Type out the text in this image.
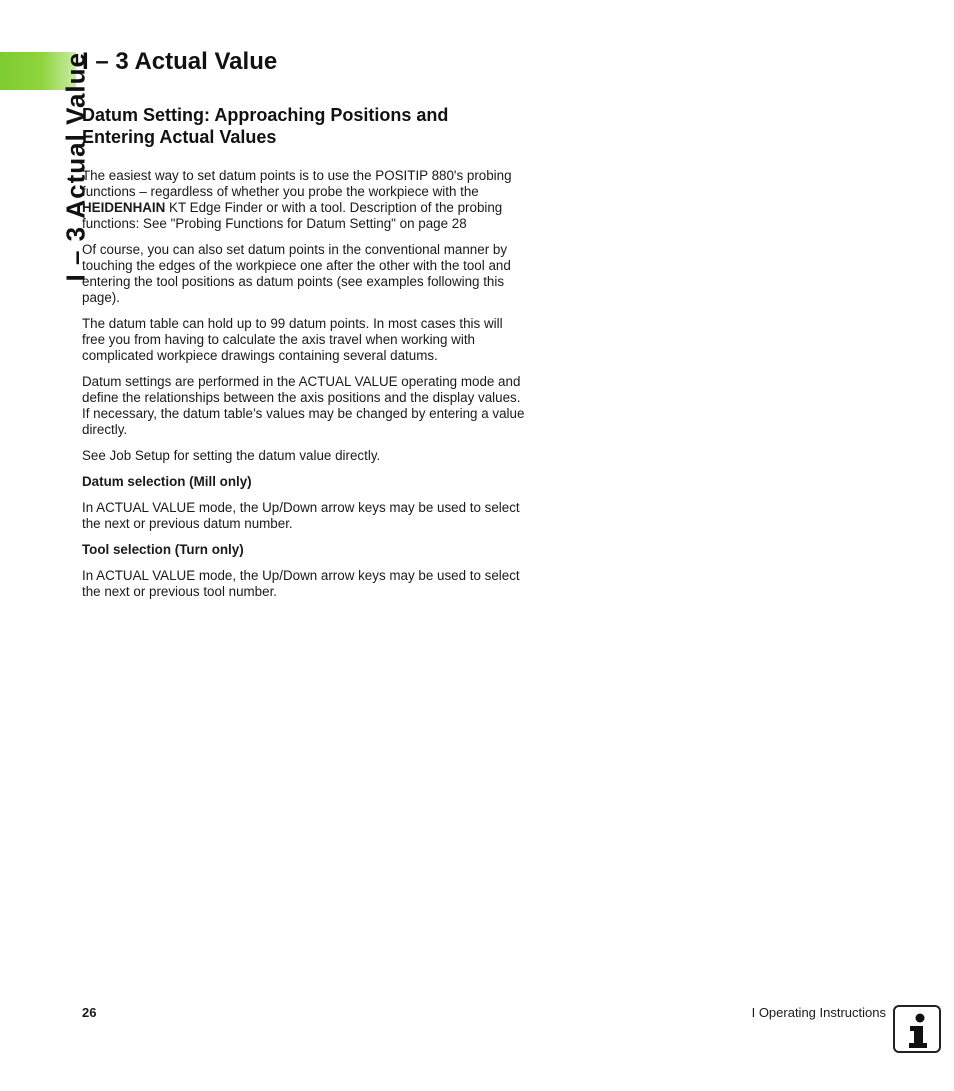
I – 3 Actual Value
I – 3 Actual Value
Datum Setting: Approaching Positions and Entering Actual Values

The easiest way to set datum points is to use the POSITIP 880's probing functions – regardless of whether you probe the workpiece with the HEIDENHAIN KT Edge Finder or with a tool. Description of the probing functions: See "Probing Functions for Datum Setting" on page 28

Of course, you can also set datum points in the conventional manner by touching the edges of the workpiece one after the other with the tool and entering the tool positions as datum points (see examples following this page).

The datum table can hold up to 99 datum points. In most cases this will free you from having to calculate the axis travel when working with complicated workpiece drawings containing several datums.

Datum settings are performed in the ACTUAL VALUE operating mode and define the relationships between the axis positions and the display values. If necessary, the datum table’s values may be changed by entering a value directly.

See Job Setup for setting the datum value directly.

Datum selection (Mill only)

In ACTUAL VALUE mode, the Up/Down arrow keys may be used to select the next or previous datum number.

Tool selection (Turn only)

In ACTUAL VALUE mode, the Up/Down arrow keys may be used to select the next or previous tool number.

26	I Operating Instructions
